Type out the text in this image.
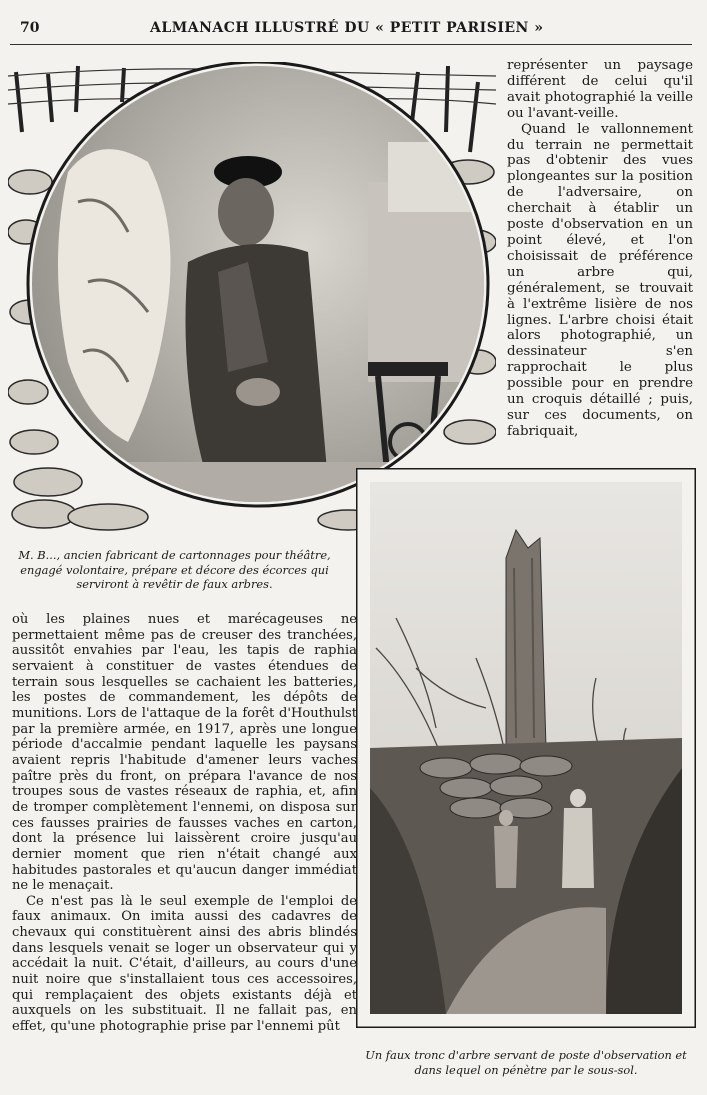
70	ALMANACH ILLUSTRÉ DU « PETIT PARISIEN »

représenter un paysage différent de celui qu'il avait photographié la veille ou l'avant-veille.

Quand le vallonnement du terrain ne permettait pas d'obtenir des vues plongeantes sur la position de l'adversaire, on cherchait à établir un poste d'observation en un point élevé, et l'on choisissait de préférence un arbre qui, généralement, se trouvait à l'extrême lisière de nos lignes. L'arbre choisi était alors photographié, un dessinateur s'en rapprochait le plus possible pour en prendre un croquis détaillé ; puis, sur ces documents, on fabriquait,

M. B..., ancien fabricant de cartonnages pour théâtre, engagé volontaire, prépare et décore des écorces qui serviront à revêtir de faux arbres.
Un faux tronc d'arbre servant de poste d'observation et dans lequel on pénètre par le sous-sol.

où les plaines nues et marécageuses ne permettaient même pas de creuser des tranchées, aussitôt envahies par l'eau, les tapis de raphia servaient à constituer de vastes étendues de terrain sous lesquelles se cachaient les batteries, les postes de commandement, les dépôts de munitions. Lors de l'attaque de la forêt d'Houthulst par la première armée, en 1917, après une longue période d'accalmie pendant laquelle les paysans avaient repris l'habitude d'amener leurs vaches paître près du front, on prépara l'avance de nos troupes sous de vastes réseaux de raphia, et, afin de tromper complètement l'ennemi, on disposa sur ces fausses prairies de fausses vaches en carton, dont la présence lui laissèrent croire jusqu'au dernier moment que rien n'était changé aux habitudes pastorales et qu'aucun danger immédiat ne le menaçait.

Ce n'est pas là le seul exemple de l'emploi de faux animaux. On imita aussi des cadavres de chevaux qui constituèrent ainsi des abris blindés dans lesquels venait se loger un observateur qui y accédait la nuit. C'était, d'ailleurs, au cours d'une nuit noire que s'installaient tous ces accessoires, qui remplaçaient des objets existants déjà et auxquels on les substituait. Il ne fallait pas, en effet, qu'une photographie prise par l'ennemi pût
